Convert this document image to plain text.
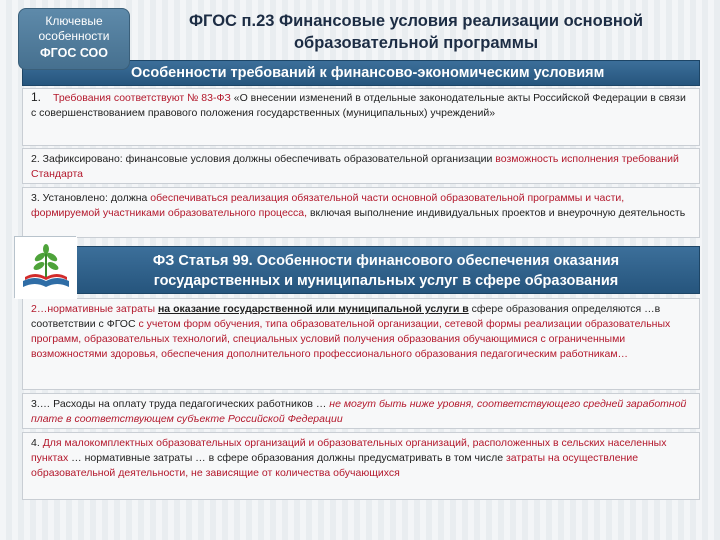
Ключевые
особенности
ФГОС СОО
ФГОС п.23 Финансовые условия реализации основной
образовательной программы
Особенности требований к финансово-экономическим условиям
1. Требования соответствуют № 83-ФЗ «О внесении изменений в отдельные законодательные акты Российской Федерации в связи с совершенствованием правового положения государственных (муниципальных) учреждений»
2. Зафиксировано: финансовые условия должны обеспечивать образовательной организации возможность исполнения требований Стандарта
3. Установлено: должна обеспечиваться реализация обязательной части основной образовательной программы и части, формируемой участниками образовательного процесса, включая выполнение индивидуальных проектов и внеурочную деятельность
ФЗ Статья 99. Особенности финансового обеспечения оказания
государственных и муниципальных услуг в сфере образования
2…нормативные затраты на оказание государственной или муниципальной услуги в сфере образования определяются …в соответствии с ФГОС с учетом форм обучения, типа образовательной организации, сетевой формы реализации образовательных программ, образовательных технологий, специальных условий получения образования обучающимися с ограниченными возможностями здоровья, обеспечения дополнительного профессионального образования педагогическим работникам…
3.… Расходы на оплату труда педагогических работников … не могут быть ниже уровня, соответствующего средней заработной плате в соответствующем субъекте Российской Федерации
4. Для малокомплектных образовательных организаций и образовательных организаций, расположенных в сельских населенных пунктах … нормативные затраты … в сфере образования должны предусматривать в том числе затраты на осуществление образовательной деятельности, не зависящие от количества обучающихся
